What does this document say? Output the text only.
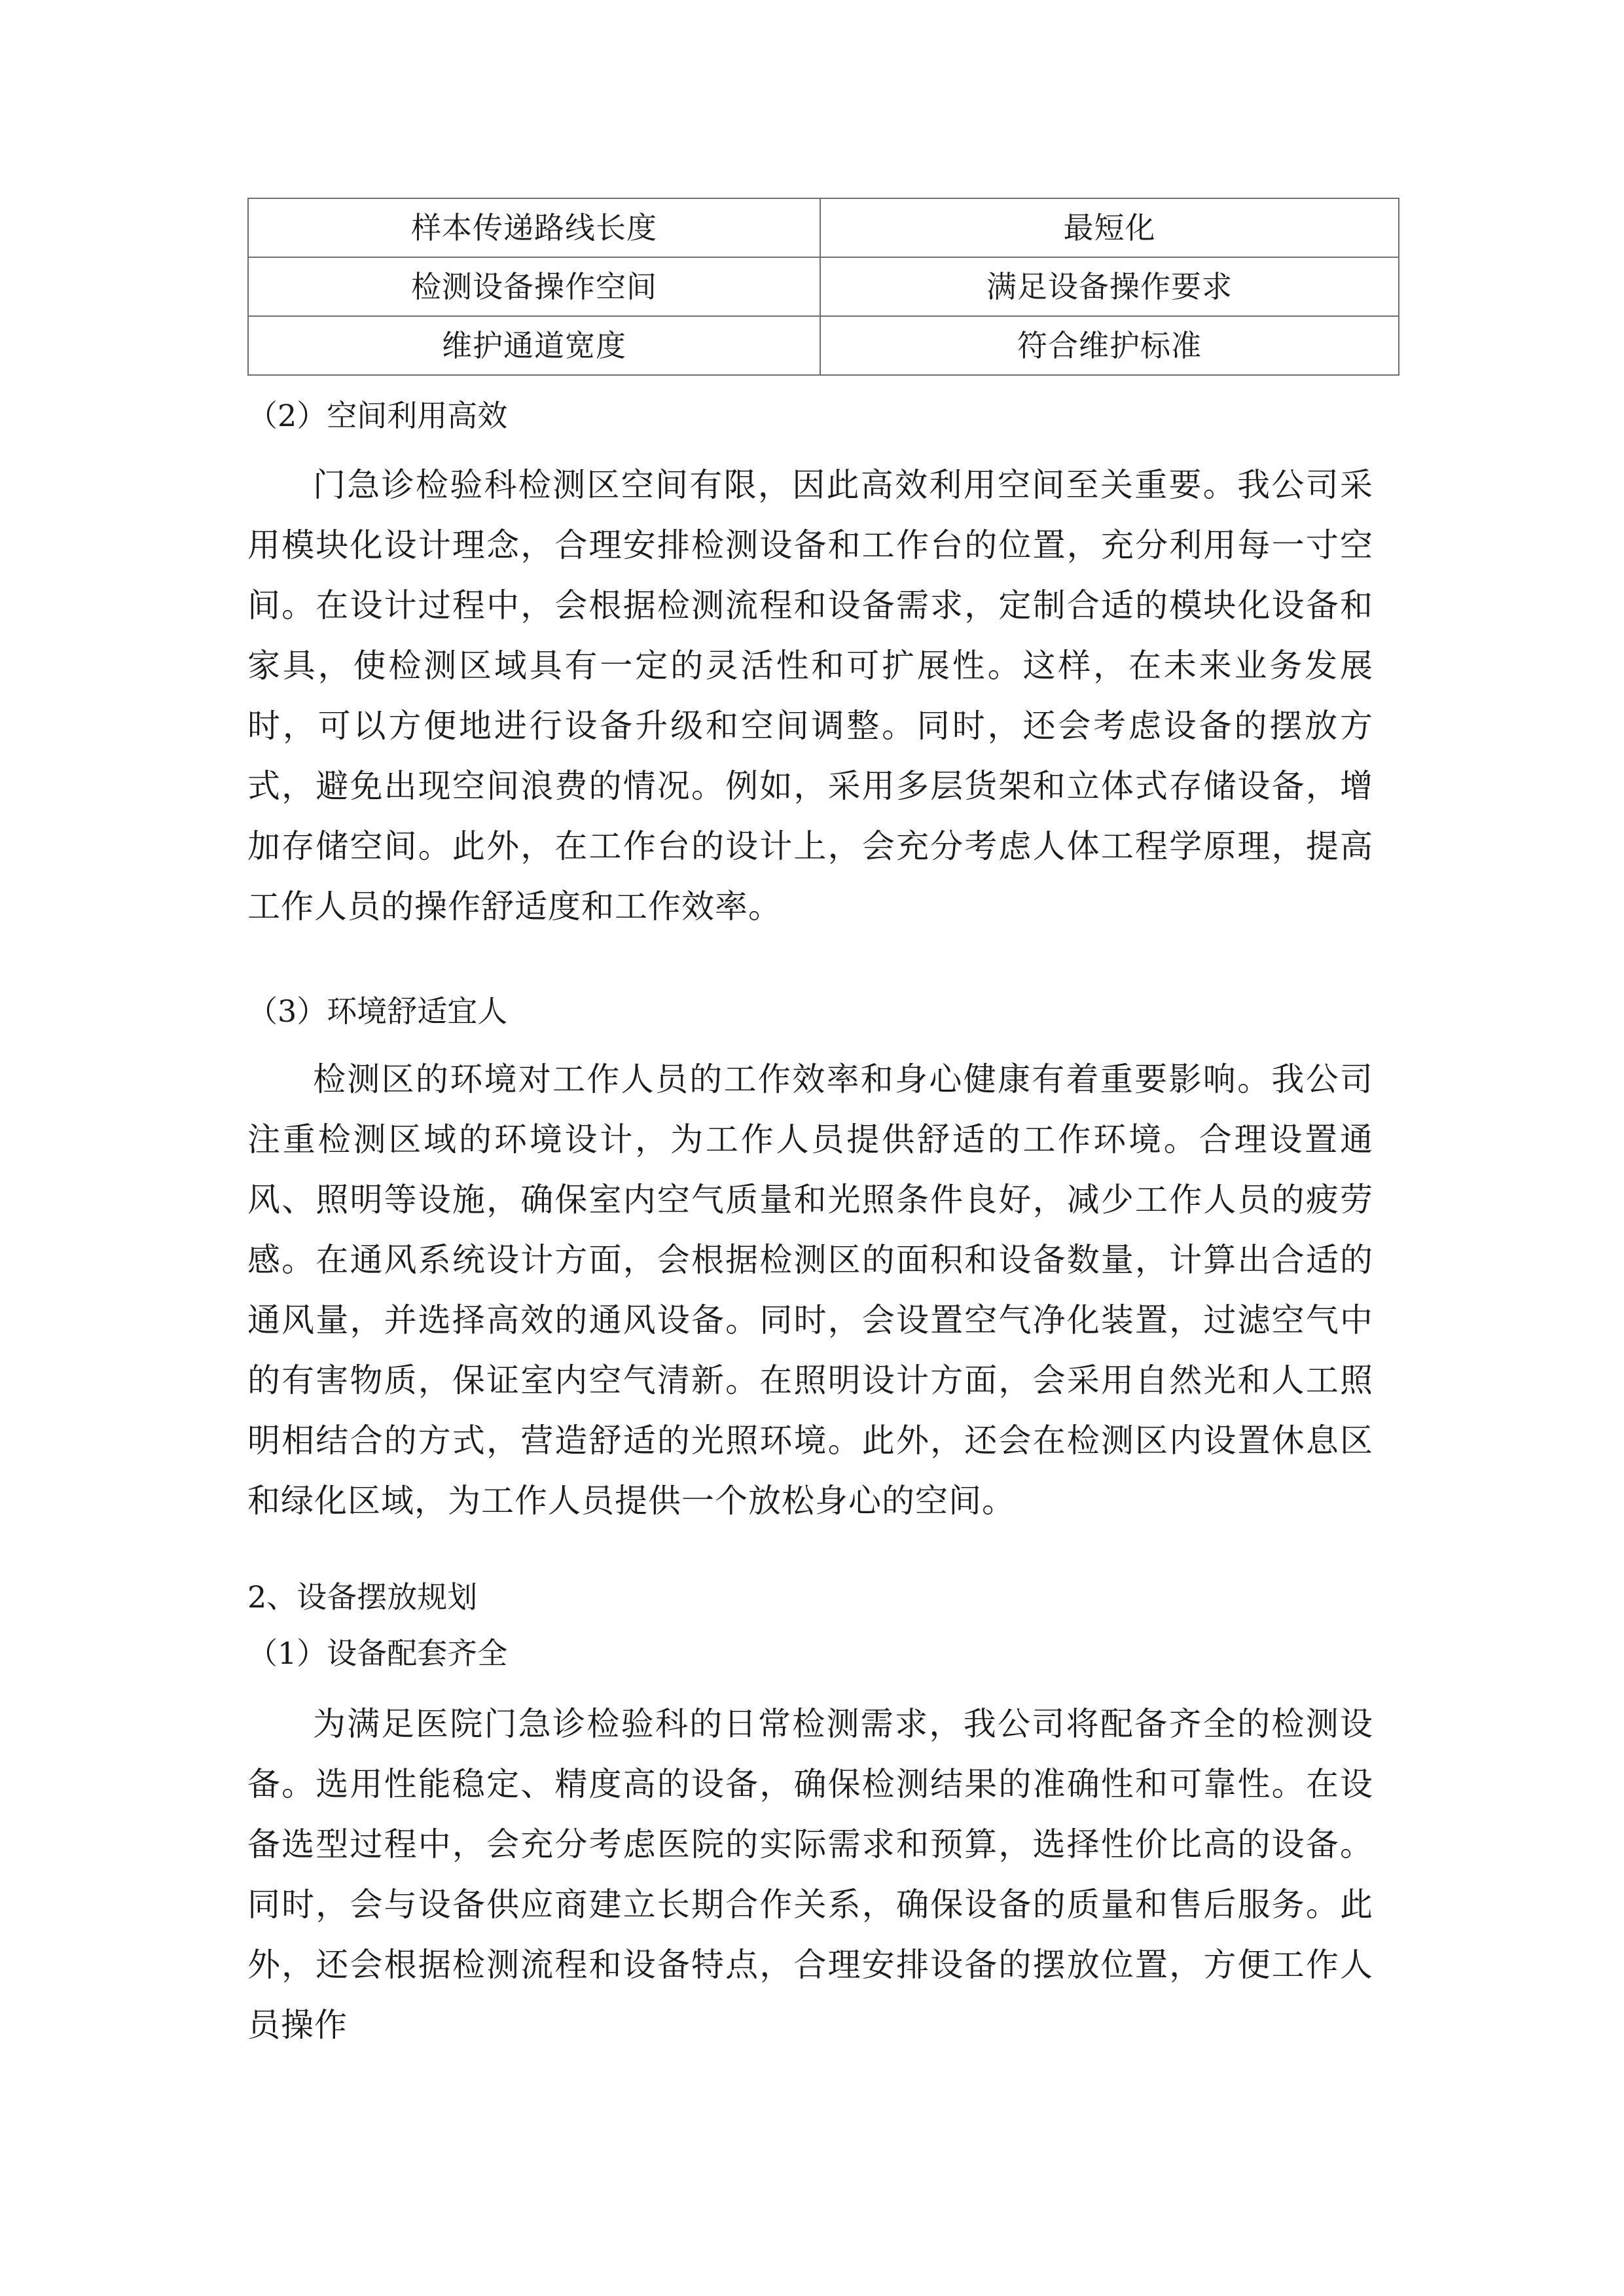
样本传递路线长度	最短化
检测设备操作空间	满足设备操作要求
维护通道宽度	符合维护标准
（2）空间利用高效
门急诊检验科检测区空间有限，因此高效利用空间至关重要。我公司采用模块化设计理念，合理安排检测设备和工作台的位置，充分利用每一寸空间。在设计过程中，会根据检测流程和设备需求，定制合适的模块化设备和家具，使检测区域具有一定的灵活性和可扩展性。这样，在未来业务发展时，可以方便地进行设备升级和空间调整。同时，还会考虑设备的摆放方式，避免出现空间浪费的情况。例如，采用多层货架和立体式存储设备，增加存储空间。此外，在工作台的设计上，会充分考虑人体工程学原理，提高工作人员的操作舒适度和工作效率。
（3）环境舒适宜人
检测区的环境对工作人员的工作效率和身心健康有着重要影响。我公司注重检测区域的环境设计，为工作人员提供舒适的工作环境。合理设置通风、照明等设施，确保室内空气质量和光照条件良好，减少工作人员的疲劳感。在通风系统设计方面，会根据检测区的面积和设备数量，计算出合适的通风量，并选择高效的通风设备。同时，会设置空气净化装置，过滤空气中的有害物质，保证室内空气清新。在照明设计方面，会采用自然光和人工照明相结合的方式，营造舒适的光照环境。此外，还会在检测区内设置休息区和绿化区域，为工作人员提供一个放松身心的空间。
2、设备摆放规划
（1）设备配套齐全
为满足医院门急诊检验科的日常检测需求，我公司将配备齐全的检测设备。选用性能稳定、精度高的设备，确保检测结果的准确性和可靠性。在设备选型过程中，会充分考虑医院的实际需求和预算，选择性价比高的设备。同时，会与设备供应商建立长期合作关系，确保设备的质量和售后服务。此外，还会根据检测流程和设备特点，合理安排设备的摆放位置，方便工作人员操作
